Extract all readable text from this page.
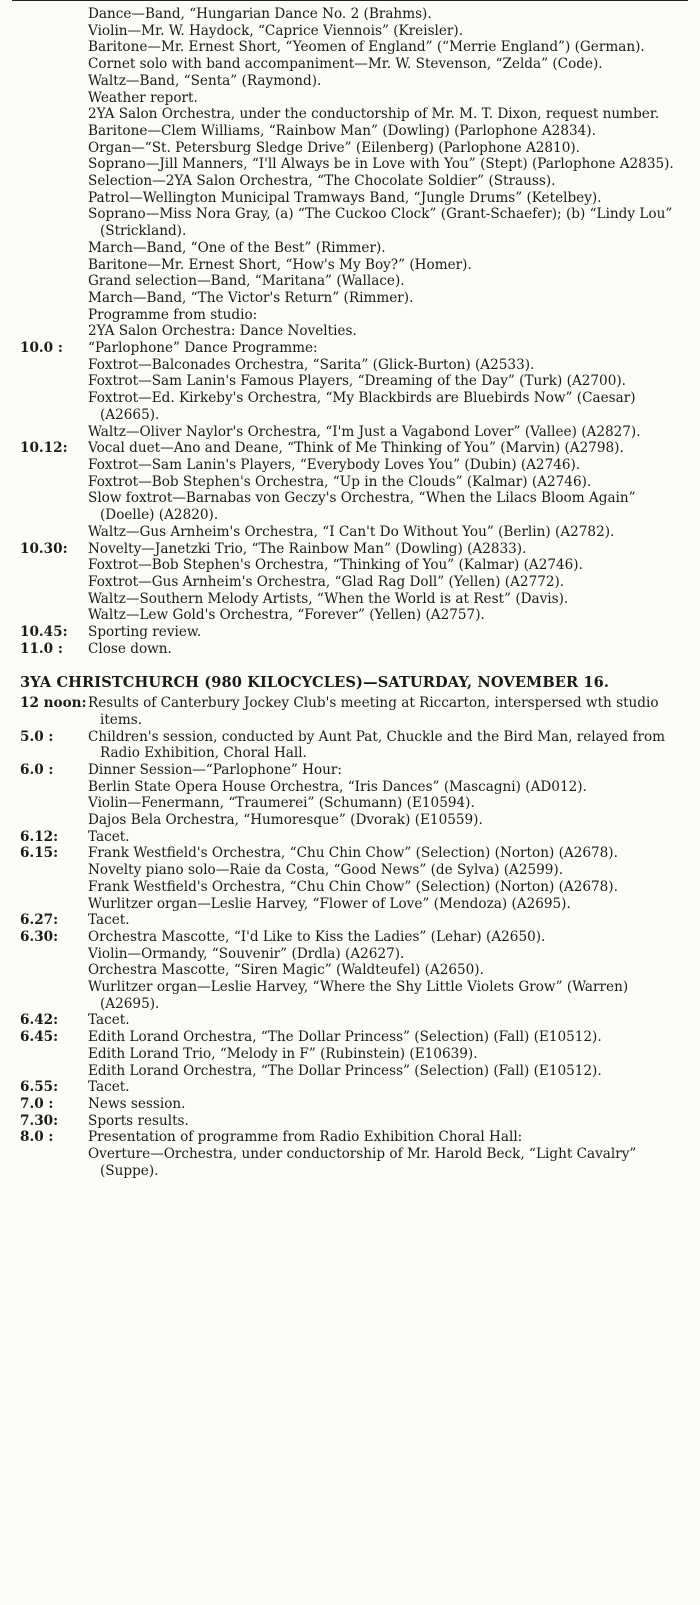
Dance—Band, “Hungarian Dance No. 2 (Brahms).
Violin—Mr. W. Haydock, “Caprice Viennois” (Kreisler).
Baritone—Mr. Ernest Short, “Yeomen of England” (“Merrie England”) (German).
Cornet solo with band accompaniment—Mr. W. Stevenson, “Zelda” (Code).
Waltz—Band, “Senta” (Raymond).
Weather report.
2YA Salon Orchestra, under the conductorship of Mr. M. T. Dixon, request number.
Baritone—Clem Williams, “Rainbow Man” (Dowling) (Parlophone A2834).
Organ—“St. Petersburg Sledge Drive” (Eilenberg) (Parlophone A2810).
Soprano—Jill Manners, “I'll Always be in Love with You” (Stept) (Parlophone A2835).
Selection—2YA Salon Orchestra, “The Chocolate Soldier” (Strauss).
Patrol—Wellington Municipal Tramways Band, “Jungle Drums” (Ketelbey).
Soprano—Miss Nora Gray, (a) “The Cuckoo Clock” (Grant-Schaefer); (b) “Lindy Lou” (Strickland).
March—Band, “One of the Best” (Rimmer).
Baritone—Mr. Ernest Short, “How's My Boy?” (Homer).
Grand selection—Band, “Maritana” (Wallace).
March—Band, “The Victor's Return” (Rimmer).
Programme from studio:
2YA Salon Orchestra: Dance Novelties.
10.0 :	“Parlophone” Dance Programme:
Foxtrot—Balconades Orchestra, “Sarita” (Glick-Burton) (A2533).
Foxtrot—Sam Lanin's Famous Players, “Dreaming of the Day” (Turk) (A2700).
Foxtrot—Ed. Kirkeby's Orchestra, “My Blackbirds are Bluebirds Now” (Caesar) (A2665).
Waltz—Oliver Naylor's Orchestra, “I'm Just a Vagabond Lover” (Vallee) (A2827).
10.12:	Vocal duet—Ano and Deane, “Think of Me Thinking of You” (Marvin) (A2798).
Foxtrot—Sam Lanin's Players, “Everybody Loves You” (Dubin) (A2746).
Foxtrot—Bob Stephen's Orchestra, “Up in the Clouds” (Kalmar) (A2746).
Slow foxtrot—Barnabas von Geczy's Orchestra, “When the Lilacs Bloom Again” (Doelle) (A2820).
Waltz—Gus Arnheim's Orchestra, “I Can't Do Without You” (Berlin) (A2782).
10.30:	Novelty—Janetzki Trio, “The Rainbow Man” (Dowling) (A2833).
Foxtrot—Bob Stephen's Orchestra, “Thinking of You” (Kalmar) (A2746).
Foxtrot—Gus Arnheim's Orchestra, “Glad Rag Doll” (Yellen) (A2772).
Waltz—Southern Melody Artists, “When the World is at Rest” (Davis).
Waltz—Lew Gold's Orchestra, “Forever” (Yellen) (A2757).
10.45:	Sporting review.
11.0 :	Close down.
3YA CHRISTCHURCH (980 KILOCYCLES)—SATURDAY, NOVEMBER 16.
12 noon: Results of Canterbury Jockey Club's meeting at Riccarton, interspersed wth studio items.
5.0 :	Children's session, conducted by Aunt Pat, Chuckle and the Bird Man, relayed from Radio Exhibition, Choral Hall.
6.0 :	Dinner Session—“Parlophone” Hour:
Berlin State Opera House Orchestra, “Iris Dances” (Mascagni) (AD012).
Violin—Fenermann, “Traumerei” (Schumann) (E10594).
Dajos Bela Orchestra, “Humoresque” (Dvorak) (E10559).
6.12:	Tacet.
6.15:	Frank Westfield's Orchestra, “Chu Chin Chow” (Selection) (Norton) (A2678).
Novelty piano solo—Raie da Costa, “Good News” (de Sylva) (A2599).
Frank Westfield's Orchestra, “Chu Chin Chow” (Selection) (Norton) (A2678).
Wurlitzer organ—Leslie Harvey, “Flower of Love” (Mendoza) (A2695).
6.27:	Tacet.
6.30:	Orchestra Mascotte, “I'd Like to Kiss the Ladies” (Lehar) (A2650).
Violin—Ormandy, “Souvenir” (Drdla) (A2627).
Orchestra Mascotte, “Siren Magic” (Waldteufel) (A2650).
Wurlitzer organ—Leslie Harvey, “Where the Shy Little Violets Grow” (Warren) (A2695).
6.42:	Tacet.
6.45:	Edith Lorand Orchestra, “The Dollar Princess” (Selection) (Fall) (E10512).
Edith Lorand Trio, “Melody in F” (Rubinstein) (E10639).
Edith Lorand Orchestra, “The Dollar Princess” (Selection) (Fall) (E10512).
6.55:	Tacet.
7.0 :	News session.
7.30:	Sports results.
8.0 :	Presentation of programme from Radio Exhibition Choral Hall:
Overture—Orchestra, under conductorship of Mr. Harold Beck, “Light Cavalry” (Suppe).
